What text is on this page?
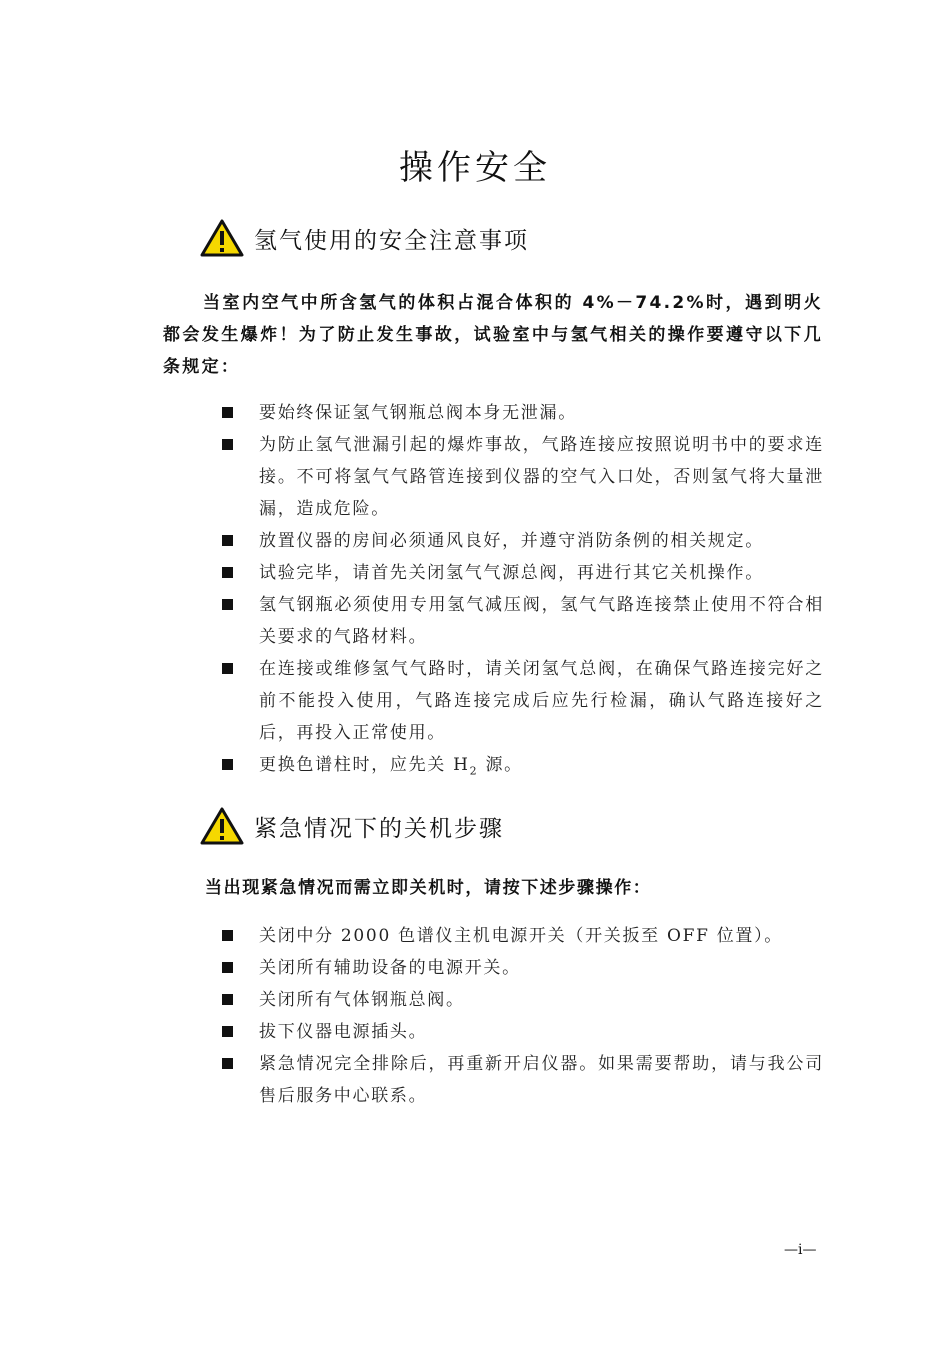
操作安全
氢气使用的安全注意事项

当室内空气中所含氢气的体积占混合体积的 4%－74.2%时，遇到明火都会发生爆炸！为了防止发生事故，试验室中与氢气相关的操作要遵守以下几条规定：

要始终保证氢气钢瓶总阀本身无泄漏。
为防止氢气泄漏引起的爆炸事故，气路连接应按照说明书中的要求连接。不可将氢气气路管连接到仪器的空气入口处，否则氢气将大量泄漏，造成危险。
放置仪器的房间必须通风良好，并遵守消防条例的相关规定。
试验完毕，请首先关闭氢气气源总阀，再进行其它关机操作。
氢气钢瓶必须使用专用氢气减压阀，氢气气路连接禁止使用不符合相关要求的气路材料。
在连接或维修氢气气路时，请关闭氢气总阀，在确保气路连接完好之前不能投入使用，气路连接完成后应先行检漏，确认气路连接好之后，再投入正常使用。
更换色谱柱时，应先关 $H_2$ 源。
紧急情况下的关机步骤

当出现紧急情况而需立即关机时，请按下述步骤操作：

关闭中分 2000 色谱仪主机电源开关（开关扳至 OFF 位置）。
关闭所有辅助设备的电源开关。
关闭所有气体钢瓶总阀。
拔下仪器电源插头。
紧急情况完全排除后，再重新开启仪器。如果需要帮助，请与我公司售后服务中心联系。
—i—
